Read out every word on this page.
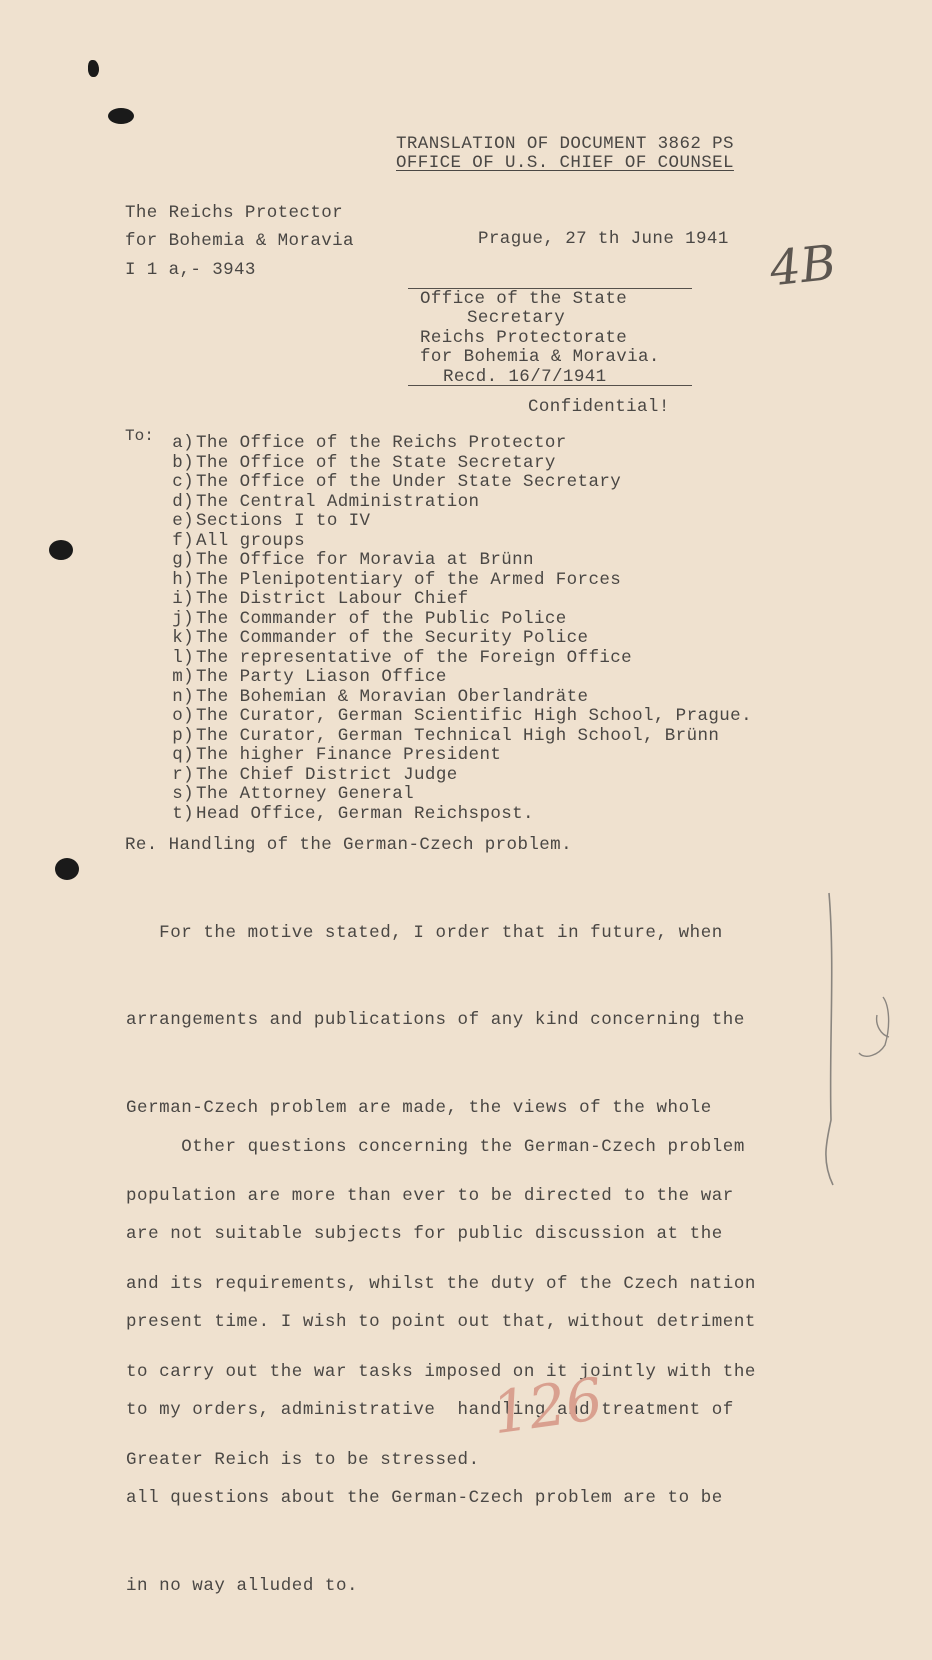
TRANSLATION OF DOCUMENT 3862 PS
OFFICE OF U.S. CHIEF OF COUNSEL
The Reichs Protector
for Bohemia & Moravia
I 1 a,- 3943
Prague, 27 th June 1941 4B
Office of the State
Secretary
Reichs Protectorate
for Bohemia & Moravia.
Recd. 16/7/1941
Confidential!
To:	a) The Office of the Reichs Protector
b) The Office of the State Secretary
c) The Office of the Under State Secretary
d) The Central Administration
e) Sections I to IV
f) All groups
g) The Office for Moravia at Brünn
h) The Plenipotentiary of the Armed Forces
i) The District Labour Chief
j) The Commander of the Public Police
k) The Commander of the Security Police
l) The representative of the Foreign Office
m) The Party Liason Office
n) The Bohemian & Moravian Oberlandräte
o) The Curator, German Scientific High School, Prague.
p) The Curator, German Technical High School, Brünn
q) The higher Finance President
r) The Chief District Judge
s) The Attorney General
t) Head Office, German Reichspost.
Re. Handling of the German-Czech problem.

For the motive stated, I order that in future, when

arrangements and publications of any kind concerning the

German-Czech problem are made, the views of the whole

population are more than ever to be directed to the war

and its requirements, whilst the duty of the Czech nation

to carry out the war tasks imposed on it jointly with the

Greater Reich is to be stressed.

Other questions concerning the German-Czech problem

are not suitable subjects for public discussion at the

present time. I wish to point out that, without detriment

to my orders, administrative  handling and treatment of

all questions about the German-Czech problem are to be

in no way alluded to.

126
